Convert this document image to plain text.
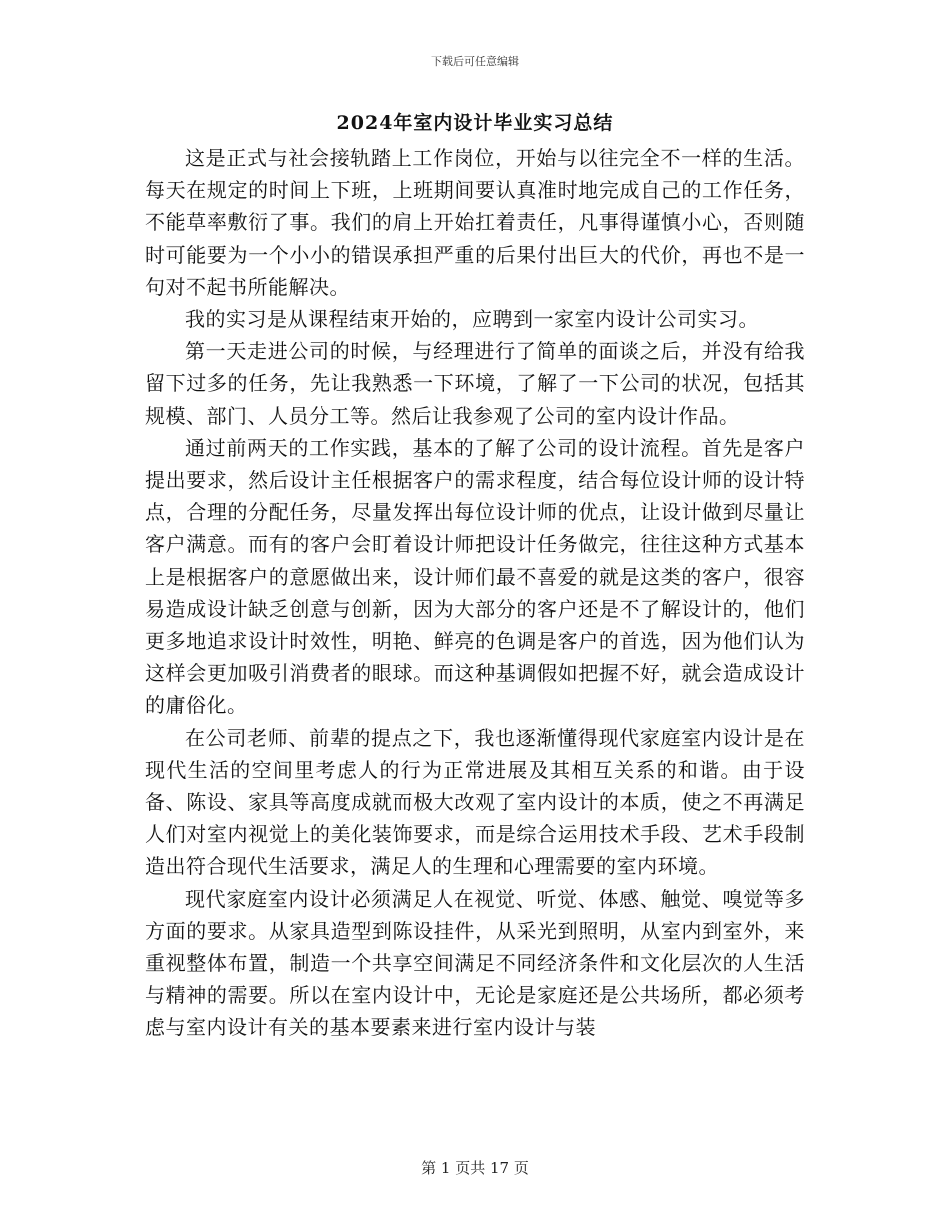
下载后可任意编辑
2024年室内设计毕业实习总结

这是正式与社会接轨踏上工作岗位，开始与以往完全不一样的生活。每天在规定的时间上下班，上班期间要认真准时地完成自己的工作任务，不能草率敷衍了事。我们的肩上开始扛着责任，凡事得谨慎小心，否则随时可能要为一个小小的错误承担严重的后果付出巨大的代价，再也不是一句对不起书所能解决。

我的实习是从课程结束开始的，应聘到一家室内设计公司实习。

第一天走进公司的时候，与经理进行了简单的面谈之后，并没有给我留下过多的任务，先让我熟悉一下环境，了解了一下公司的状况，包括其规模、部门、人员分工等。然后让我参观了公司的室内设计作品。

通过前两天的工作实践，基本的了解了公司的设计流程。首先是客户提出要求，然后设计主任根据客户的需求程度，结合每位设计师的设计特点，合理的分配任务，尽量发挥出每位设计师的优点，让设计做到尽量让客户满意。而有的客户会盯着设计师把设计任务做完，往往这种方式基本上是根据客户的意愿做出来，设计师们最不喜爱的就是这类的客户，很容易造成设计缺乏创意与创新，因为大部分的客户还是不了解设计的，他们更多地追求设计时效性，明艳、鲜亮的色调是客户的首选，因为他们认为这样会更加吸引消费者的眼球。而这种基调假如把握不好，就会造成设计的庸俗化。

在公司老师、前辈的提点之下，我也逐渐懂得现代家庭室内设计是在现代生活的空间里考虑人的行为正常进展及其相互关系的和谐。由于设备、陈设、家具等高度成就而极大改观了室内设计的本质，使之不再满足人们对室内视觉上的美化装饰要求，而是综合运用技术手段、艺术手段制造出符合现代生活要求，满足人的生理和心理需要的室内环境。

现代家庭室内设计必须满足人在视觉、听觉、体感、触觉、嗅觉等多方面的要求。从家具造型到陈设挂件，从采光到照明，从室内到室外，来重视整体布置，制造一个共享空间满足不同经济条件和文化层次的人生活与精神的需要。所以在室内设计中，无论是家庭还是公共场所，都必须考虑与室内设计有关的基本要素来进行室内设计与装

第 1 页共 17 页
